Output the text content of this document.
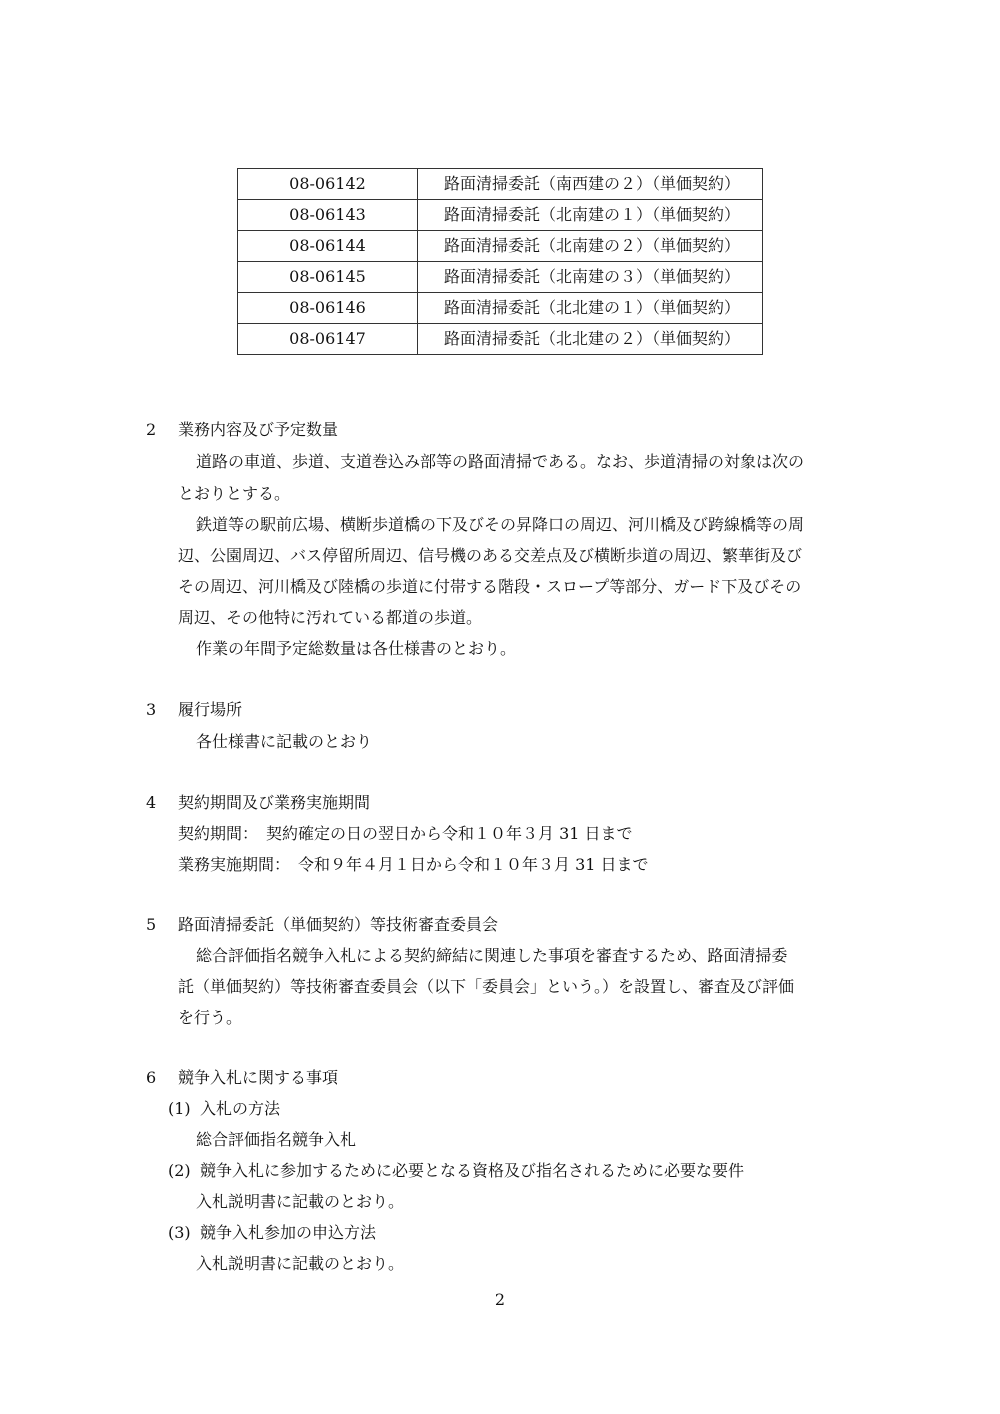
08-06142	路面清掃委託（南西建の２）（単価契約）
08-06143	路面清掃委託（北南建の１）（単価契約）
08-06144	路面清掃委託（北南建の２）（単価契約）
08-06145	路面清掃委託（北南建の３）（単価契約）
08-06146	路面清掃委託（北北建の１）（単価契約）
08-06147	路面清掃委託（北北建の２）（単価契約）
2 業務内容及び予定数量
道路の車道、歩道、支道巻込み部等の路面清掃である。なお、歩道清掃の対象は次の
とおりとする。
鉄道等の駅前広場、横断歩道橋の下及びその昇降口の周辺、河川橋及び跨線橋等の周
辺、公園周辺、バス停留所周辺、信号機のある交差点及び横断歩道の周辺、繁華街及び
その周辺、河川橋及び陸橋の歩道に付帯する階段・スロープ等部分、ガード下及びその
周辺、その他特に汚れている都道の歩道。
作業の年間予定総数量は各仕様書のとおり。
3 履行場所
各仕様書に記載のとおり
4 契約期間及び業務実施期間
契約期間：　契約確定の日の翌日から令和１０年３月 31 日まで
業務実施期間：　令和９年４月１日から令和１０年３月 31 日まで
5 路面清掃委託（単価契約）等技術審査委員会
総合評価指名競争入札による契約締結に関連した事項を審査するため、路面清掃委
託（単価契約）等技術審査委員会（以下「委員会」という。）を設置し、審査及び評価
を行う。
6 競争入札に関する事項
(1) 入札の方法
総合評価指名競争入札
(2) 競争入札に参加するために必要となる資格及び指名されるために必要な要件
入札説明書に記載のとおり。
(3) 競争入札参加の申込方法
入札説明書に記載のとおり。
2
